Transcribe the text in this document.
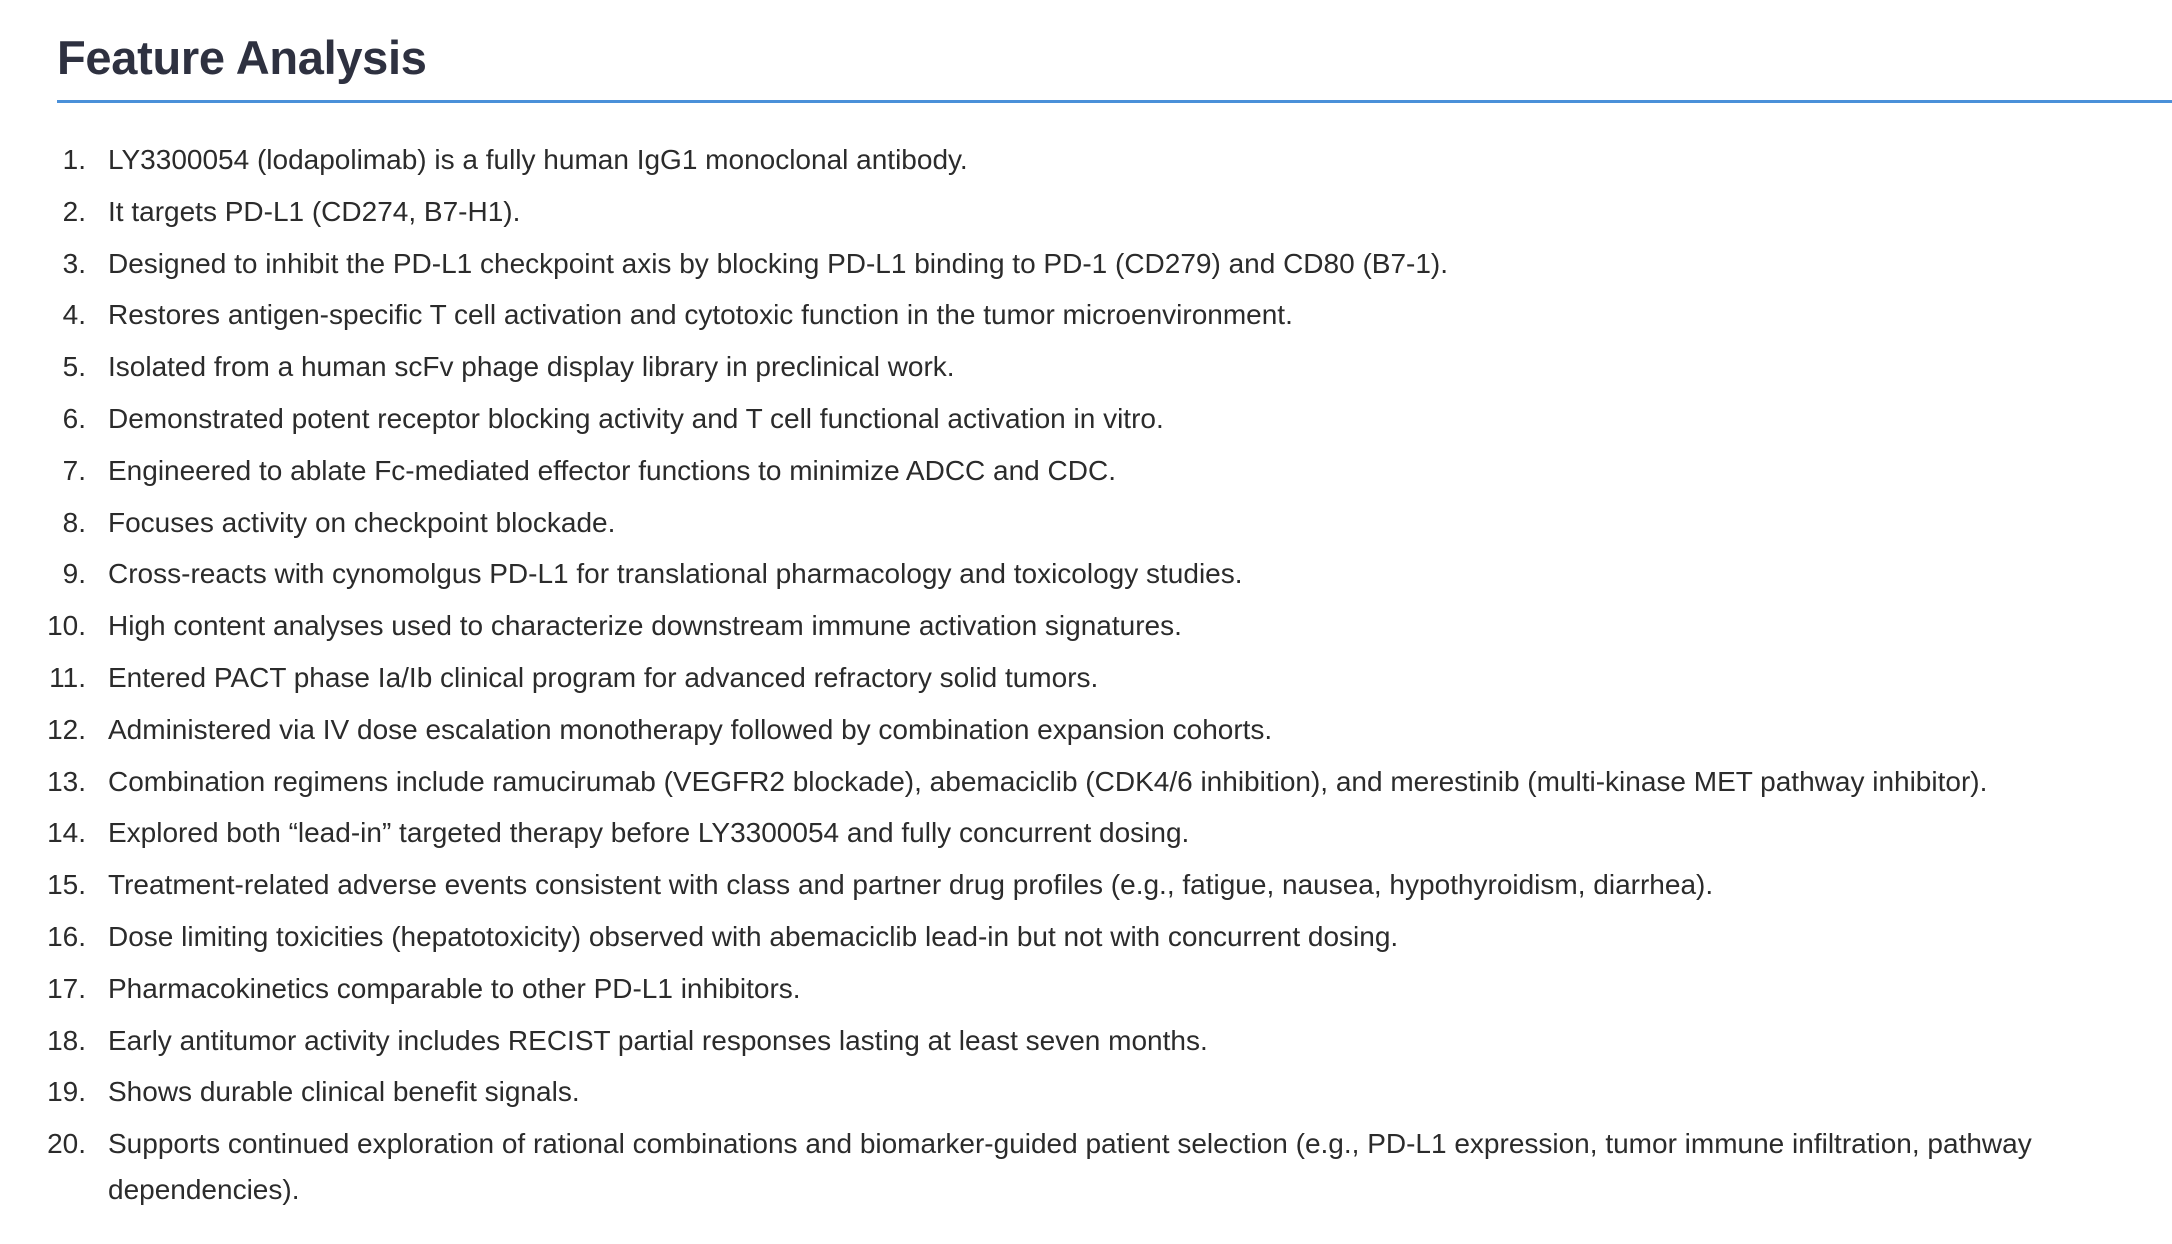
Feature Analysis
1. LY3300054 (lodapolimab) is a fully human IgG1 monoclonal antibody.
2. It targets PD-L1 (CD274, B7-H1).
3. Designed to inhibit the PD-L1 checkpoint axis by blocking PD-L1 binding to PD-1 (CD279) and CD80 (B7-1).
4. Restores antigen-specific T cell activation and cytotoxic function in the tumor microenvironment.
5. Isolated from a human scFv phage display library in preclinical work.
6. Demonstrated potent receptor blocking activity and T cell functional activation in vitro.
7. Engineered to ablate Fc-mediated effector functions to minimize ADCC and CDC.
8. Focuses activity on checkpoint blockade.
9. Cross-reacts with cynomolgus PD-L1 for translational pharmacology and toxicology studies.
10. High content analyses used to characterize downstream immune activation signatures.
11. Entered PACT phase Ia/Ib clinical program for advanced refractory solid tumors.
12. Administered via IV dose escalation monotherapy followed by combination expansion cohorts.
13. Combination regimens include ramucirumab (VEGFR2 blockade), abemaciclib (CDK4/6 inhibition), and merestinib (multi-kinase MET pathway inhibitor).
14. Explored both “lead-in” targeted therapy before LY3300054 and fully concurrent dosing.
15. Treatment-related adverse events consistent with class and partner drug profiles (e.g., fatigue, nausea, hypothyroidism, diarrhea).
16. Dose limiting toxicities (hepatotoxicity) observed with abemaciclib lead-in but not with concurrent dosing.
17. Pharmacokinetics comparable to other PD-L1 inhibitors.
18. Early antitumor activity includes RECIST partial responses lasting at least seven months.
19. Shows durable clinical benefit signals.
20. Supports continued exploration of rational combinations and biomarker-guided patient selection (e.g., PD-L1 expression, tumor immune infiltration, pathway dependencies).
